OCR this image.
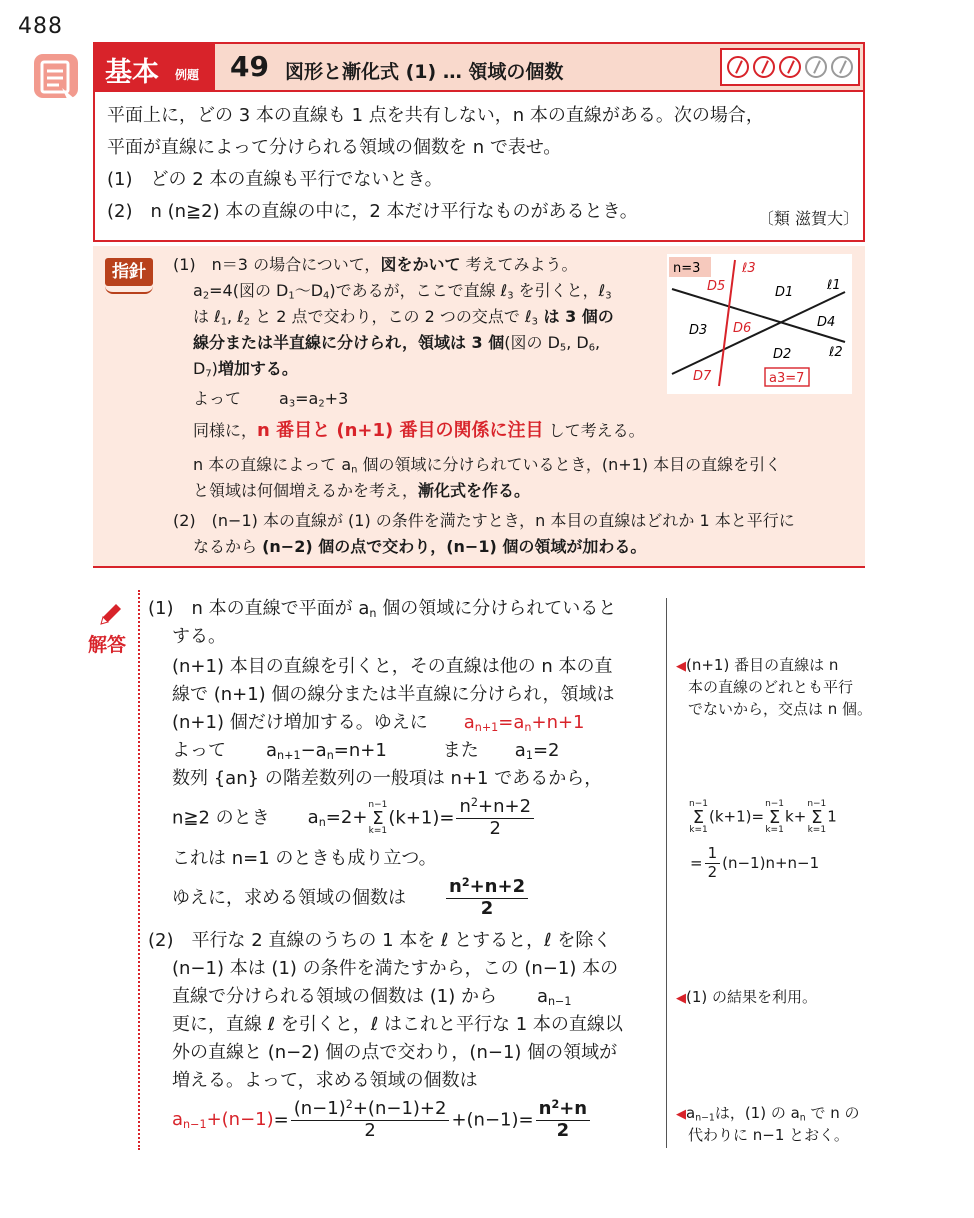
488
基本 例題 49 図形と漸化式 (1) … 領域の個数
平面上に，どの 3 本の直線も 1 点を共有しない，n 本の直線がある。次の場合，
平面が直線によって分けられる領域の個数を n で表せ。
(1)　どの 2 本の直線も平行でないとき。
(2)　n (n≧2) 本の直線の中に，2 本だけ平行なものがあるとき。	〔類 滋賀大〕
指針	(1)　n＝3 の場合について，図をかいて 考えてみよう。
$a_2=4$(図の $D_1\sim D_4$)であるが，ここで直線 ℓ$_3$ を引くと，ℓ$_3$
は ℓ$_1$, ℓ$_2$ と 2 点で交わり，この 2 つの交点で ℓ$_3$ は 3 個の
線分または半直線に分けられ，領域は 3 個(図の $D_5$, $D_6$,
$D_7$)増加する。
よって $a_3=a_2+3$
同様に，n 番目と (n+1) 番目の関係に注目 して考える。
n 本の直線によって $a_n$ 個の領域に分けられているとき，(n+1) 本目の直線を引く
と領域は何個増えるかを考え，漸化式を作る。
(2)　(n−1) 本の直線が (1) の条件を満たすとき，n 本目の直線はどれか 1 本と平行に
なるから (n−2) 個の点で交わり，(n−1) 個の領域が加わる。
n=3	ℓ3
ℓ1
ℓ2
D5	D1
D3 D6	D4
D2
D7	a3=7
解答
(1)　n 本の直線で平面が $a_n$ 個の領域に分けられていると
する。
(n+1) 本目の直線を引くと，その直線は他の n 本の直
線で (n+1) 個の線分または半直線に分けられ，領域は
(n+1) 個だけ増加する。ゆえに $a_{n+1}=a_n+n+1$
よって $a_{n+1}-a_n=n+1$	また $a_1=2$
数列 {an} の階差数列の一般項は n+1 であるから，
n≧2 のとき $a_n=2+$
n−1
Σ
k=1
$(k+1)= \frac{n^2+n+2}{2}$
これは n=1 のときも成り立つ。
ゆえに，求める領域の個数は $\frac{n^2+n+2}{2}$
(2)　平行な 2 直線のうちの 1 本を ℓ とすると，ℓ を除く
(n−1) 本は (1) の条件を満たすから，この (n−1) 本の
直線で分けられる領域の個数は (1) から $a_{n-1}$
更に，直線 ℓ を引くと，ℓ はこれと平行な 1 本の直線以
外の直線と (n−2) 個の点で交わり，(n−1) 個の領域が
増える。よって，求める領域の個数は
$a_{n-1}+(n-1)= \frac{(n-1)^2+(n-1)+2}{2} +(n-1)= \frac{n^2+n}{2}$
◀(n+1) 番目の直線は n
本の直線のどれとも平行
でないから，交点は n 個。
n−1
Σ
k=1
(k+1)=
n−1
Σ
k=1
k+
n−1
Σ
k=1
1
= $\frac{1}{2} (n-1)n+n-1$
◀(1) の結果を利用。
$◀a_{n-1}$は，(1) の $a_n$ で n の
代わりに n−1 とおく。
